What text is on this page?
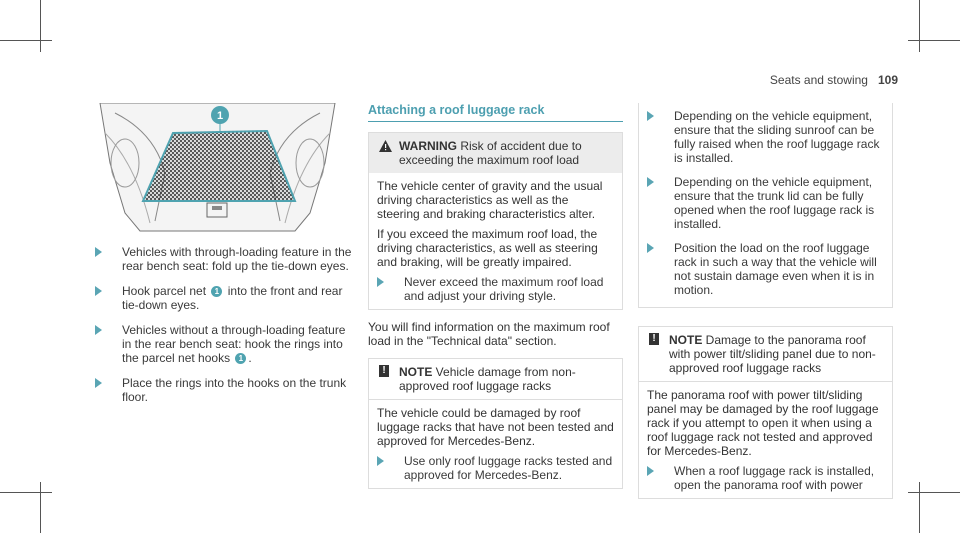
Seats and stowing 109
1
Vehicles with through-loading feature in the rear bench seat: fold up the tie-down eyes.
Hook parcel net 1 into the front and rear tie-down eyes.
Vehicles without a through-loading feature in the rear bench seat: hook the rings into the parcel net hooks 1 .
Place the rings into the hooks on the trunk floor.
Attaching a roof luggage rack
WARNING Risk of accident due to exceeding the maximum roof load

The vehicle center of gravity and the usual driving characteristics as well as the steering and braking characteristics alter.

If you exceed the maximum roof load, the driving characteristics, as well as steering and braking, will be greatly impaired.

Never exceed the maximum roof load and adjust your driving style.
You will find information on the maximum roof load in the "Technical data" section.
! NOTE Vehicle damage from non-approved roof luggage racks

The vehicle could be damaged by roof luggage racks that have not been tested and approved for Mercedes-Benz.

Use only roof luggage racks tested and approved for Mercedes-Benz.
Depending on the vehicle equipment, ensure that the sliding sunroof can be fully raised when the roof luggage rack is installed.
Depending on the vehicle equipment, ensure that the trunk lid can be fully opened when the roof luggage rack is installed.
Position the load on the roof luggage rack in such a way that the vehicle will not sustain damage even when it is in motion.
! NOTE Damage to the panorama roof with power tilt/sliding panel due to non-approved roof luggage racks

The panorama roof with power tilt/sliding panel may be damaged by the roof luggage rack if you attempt to open it when using a roof luggage rack not tested and approved for Mercedes-Benz.

When a roof luggage rack is installed, open the panorama roof with power
